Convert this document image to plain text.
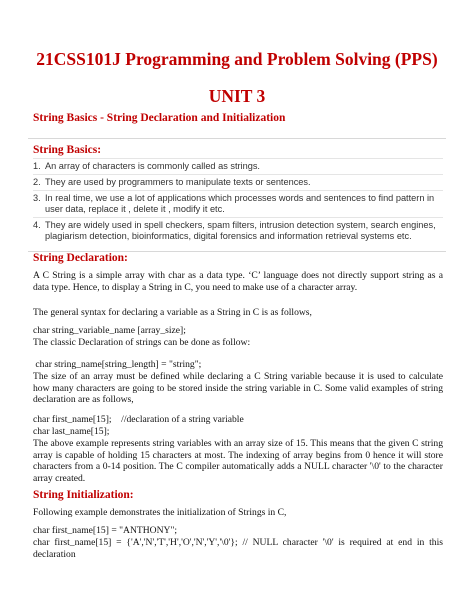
21CSS101J Programming and Problem Solving (PPS)
UNIT 3
String Basics - String Declaration and Initialization
String Basics:
1. An array of characters is commonly called as strings.
2. They are used by programmers to manipulate texts or sentences.
3. In real time, we use a lot of applications which processes words and sentences to find pattern in user data, replace it , delete it , modify it etc.
4. They are widely used in spell checkers, spam filters, intrusion detection system, search engines, plagiarism detection, bioinformatics, digital forensics and information retrieval systems etc.
String Declaration:
A C String is a simple array with char as a data type. ‘C’ language does not directly support string as a data type. Hence, to display a String in C, you need to make use of a character array.
The general syntax for declaring a variable as a String in C is as follows,
char string_variable_name [array_size];
The classic Declaration of strings can be done as follow:
char string_name[string_length] = "string";
The size of an array must be defined while declaring a C String variable because it is used to calculate how many characters are going to be stored inside the string variable in C. Some valid examples of string declaration are as follows,
char first_name[15];    //declaration of a string variable
char last_name[15];
The above example represents string variables with an array size of 15. This means that the given C string array is capable of holding 15 characters at most. The indexing of array begins from 0 hence it will store characters from a 0-14 position. The C compiler automatically adds a NULL character '\0' to the character array created.
String Initialization:
Following example demonstrates the initialization of Strings in C,
char first_name[15] = "ANTHONY";
char first_name[15] = {'A','N','T','H','O','N','Y','\0'}; // NULL character '\0' is required at end in this declaration
